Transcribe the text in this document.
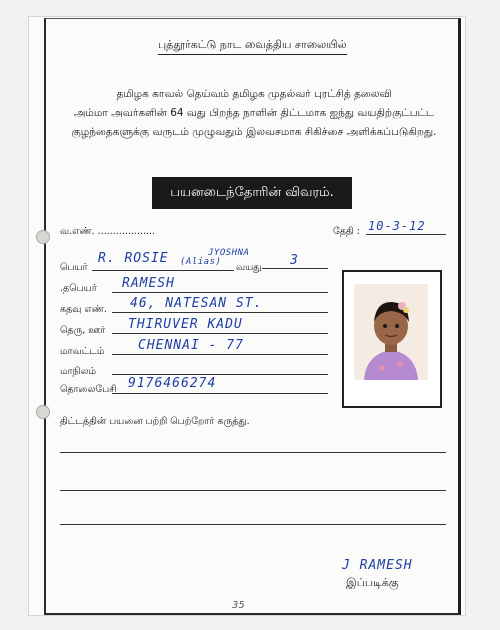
புத்தூர்கட்டு நாட வைத்திய சாலையில்
தமிழக காவல் தெய்வம் தமிழக முதல்வர் புரட்சித் தலைவி
அம்மா அவர்களின் 64 வது பிறந்த நாளின் திட்டமாக ஐந்து வயதிற்குட்பட்ட
குழந்தைகளுக்கு வருடம் முழுவதும் இலவசமாக சிகிச்சை அளிக்கப்படுகிறது.
பயனடைந்தோரின் விவரம்.
வ.எண். ...................	தேதி : 10-3-12
பெயர்
R. ROSIE (Alias)
JYOSHNA
வயது 3
.தபெயர் RAMESH
கதவு எண். 46, NATESAN ST.
தெரு, ஊர் THIRUVER KADU
மாவட்டம்	CHENNAI - 77
மாநிலம்
தொலைபேசி 9176466274
திட்டத்தின் பயனை பற்றி பெற்றோர் கருத்து.
J RAMESH
இப்படிக்கு
35
